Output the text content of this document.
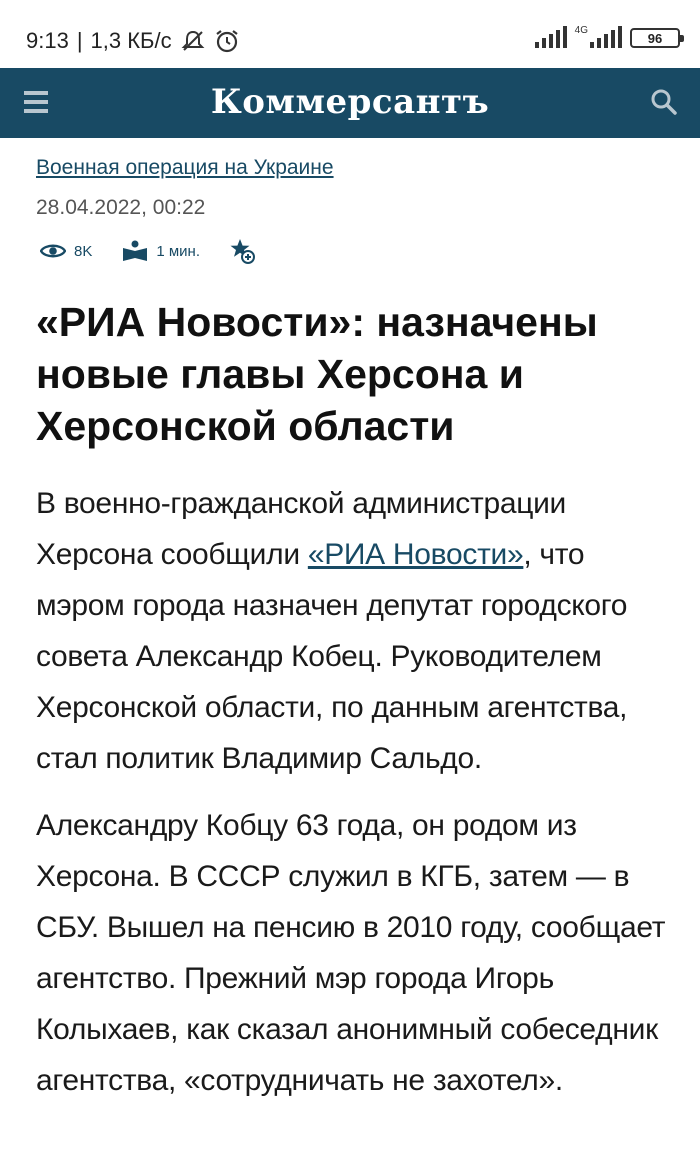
9:13 | 1,3 КБ/с	4G	96
Коммерсантъ
Военная операция на Украине
28.04.2022, 00:22
8K	1 мин.
«РИА Новости»: назначены новые главы Херсона и Херсонской области

В военно-гражданской администрации Херсона сообщили «РИА Новости», что мэром города назначен депутат городского совета Александр Кобец. Руководителем Херсонской области, по данным агентства, стал политик Владимир Сальдо.

Александру Кобцу 63 года, он родом из Херсона. В СССР служил в КГБ, затем — в СБУ. Вышел на пенсию в 2010 году, сообщает агентство. Прежний мэр города Игорь Колыхаев, как сказал анонимный собеседник агентства, «сотрудничать не захотел».
